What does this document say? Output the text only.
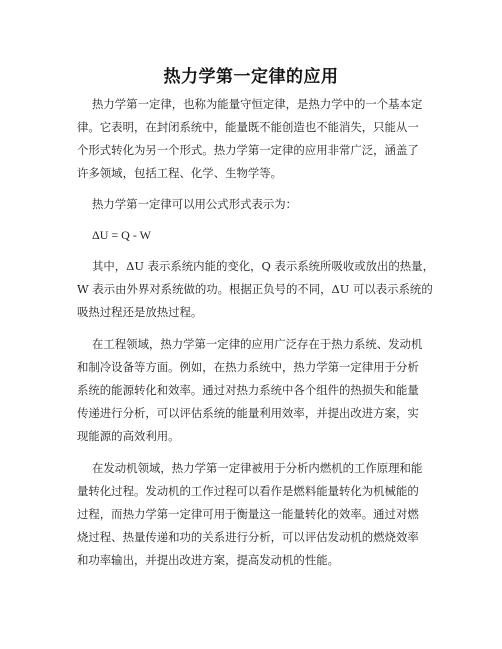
热力学第一定律的应用
热力学第一定律，也称为能量守恒定律，是热力学中的一个基本定
律。它表明，在封闭系统中，能量既不能创造也不能消失，只能从一
个形式转化为另一个形式。热力学第一定律的应用非常广泛，涵盖了
许多领域，包括工程、化学、生物学等。
热力学第一定律可以用公式形式表示为：
ΔU = Q - W
其中，ΔU 表示系统内能的变化，Q 表示系统所吸收或放出的热量，
W 表示由外界对系统做的功。根据正负号的不同，ΔU 可以表示系统的
吸热过程还是放热过程。
在工程领域，热力学第一定律的应用广泛存在于热力系统、发动机
和制冷设备等方面。例如，在热力系统中，热力学第一定律用于分析
系统的能源转化和效率。通过对热力系统中各个组件的热损失和能量
传递进行分析，可以评估系统的能量利用效率，并提出改进方案，实
现能源的高效利用。
在发动机领域，热力学第一定律被用于分析内燃机的工作原理和能
量转化过程。发动机的工作过程可以看作是燃料能量转化为机械能的
过程，而热力学第一定律可用于衡量这一能量转化的效率。通过对燃
烧过程、热量传递和功的关系进行分析，可以评估发动机的燃烧效率
和功率输出，并提出改进方案，提高发动机的性能。
